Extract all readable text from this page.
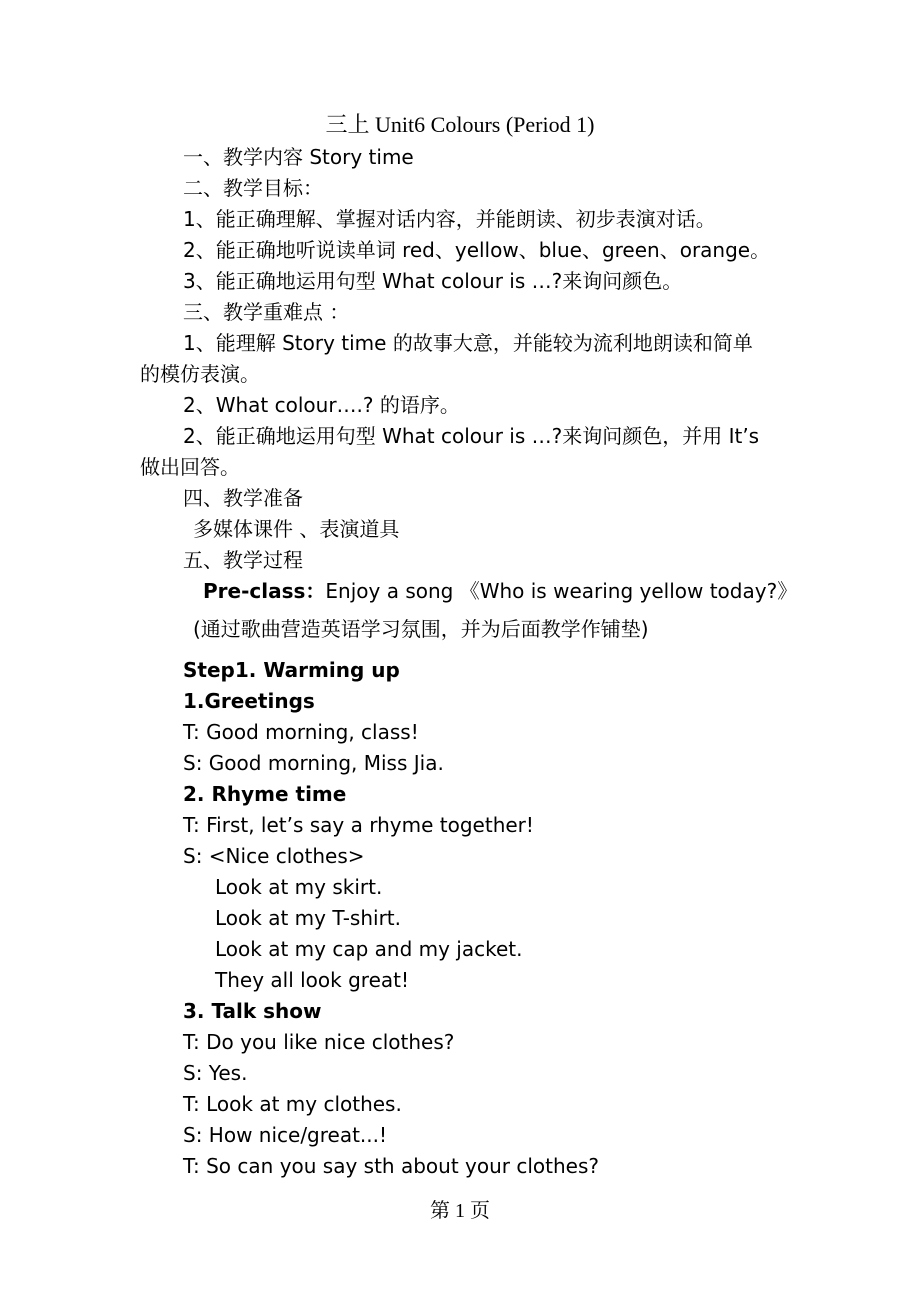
三上 Unit6 Colours (Period 1)
一、教学内容 Story time
二、教学目标：
1、能正确理解、掌握对话内容，并能朗读、初步表演对话。
2、能正确地听说读单词 red、yellow、blue、green、orange。
3、能正确地运用句型 What colour is …?来询问颜色。
三、教学重难点 ：
1、能理解 Story time 的故事大意，并能较为流利地朗读和简单
的模仿表演。
2、What colour….? 的语序。
2、能正确地运用句型 What colour is …?来询问颜色，并用 It’s
做出回答。
四、教学准备
多媒体课件 、表演道具
五、教学过程
Pre-class：Enjoy a song 《Who is wearing yellow today?》
(通过歌曲营造英语学习氛围，并为后面教学作铺垫)
Step1. Warming up
1.Greetings
T: Good morning, class!
S: Good morning, Miss Jia.
2. Rhyme time
T: First, let’s say a rhyme together!
S: <Nice clothes>
Look at my skirt.
Look at my T-shirt.
Look at my cap and my jacket.
They all look great!
3. Talk show
T: Do you like nice clothes?
S: Yes.
T: Look at my clothes.
S: How nice/great...!
T: So can you say sth about your clothes?
第 1 页
